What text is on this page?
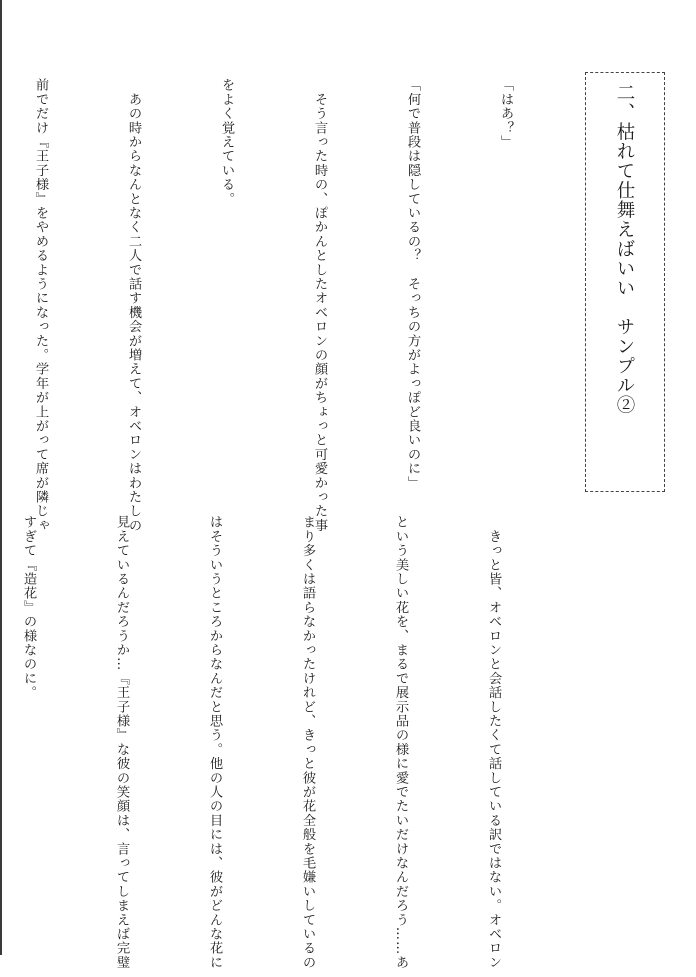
二、枯れて仕舞えばいい　サンプル②

「はあ？」

「何で普段は隠しているの？　そっちの方がよっぽど良いのに」

　そう言った時の、ぽかんとしたオベロンの顔がちょっと可愛かった事

をよく覚えている。

　あの時からなんとなく二人で話す機会が増えて、オベロンはわたしの

前でだけ『王子様』をやめるようになった。学年が上がって席が隣じゃ

　きっと皆、オベロンと会話したくて話している訳ではない。オベロン

という美しい花を、まるで展示品の様に愛でたいだけなんだろう……あ

まり多くは語らなかったけれど、きっと彼が花全般を毛嫌いしているの

はそういうところからなんだと思う。他の人の目には、彼がどんな花に

見えているんだろうか…『王子様』な彼の笑顔は、言ってしまえば完璧

すぎて『造花』の様なのに。
